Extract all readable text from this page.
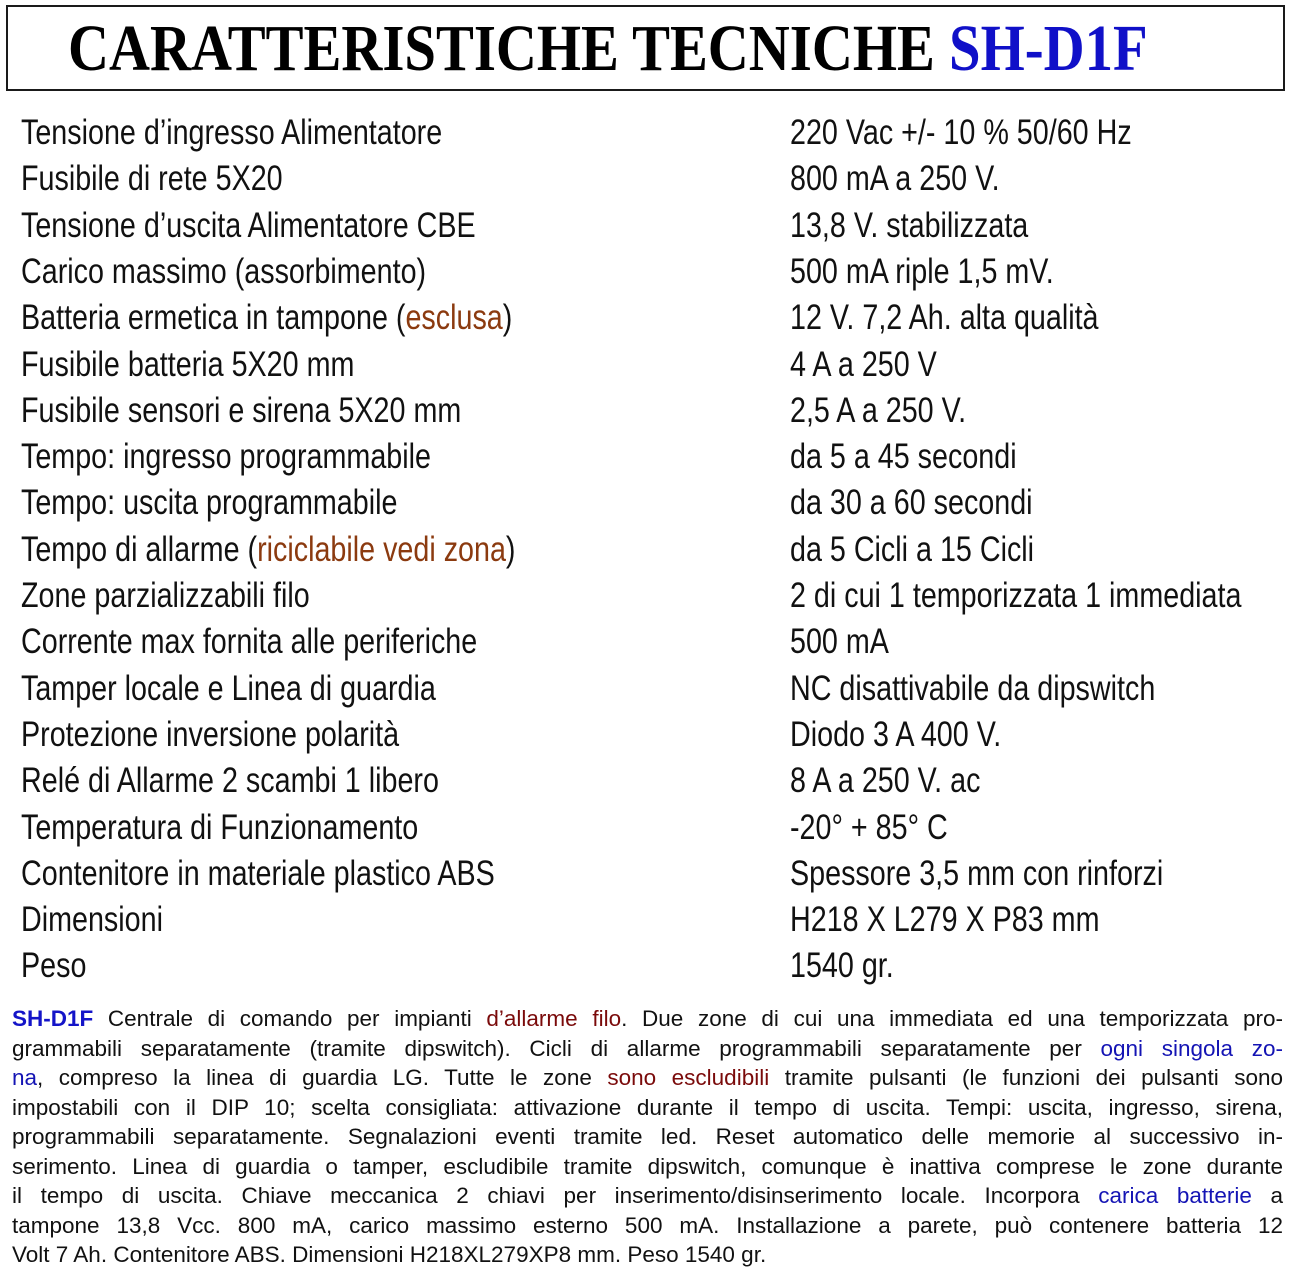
CARATTERISTICHE TECNICHE SH-D1F
Tensione d’ingresso Alimentatore	220 Vac +/- 10 % 50/60 Hz
Fusibile di rete 5X20	800 mA a 250 V.
Tensione d’uscita Alimentatore CBE	13,8 V. stabilizzata
Carico massimo (assorbimento)	500 mA riple 1,5 mV.
Batteria ermetica in tampone (esclusa)	12 V. 7,2 Ah. alta qualità
Fusibile batteria 5X20 mm	4 A a 250 V
Fusibile sensori e sirena 5X20 mm	2,5 A a 250 V.
Tempo: ingresso programmabile	da 5 a 45 secondi
Tempo: uscita programmabile	da 30 a 60 secondi
Tempo di allarme (riciclabile vedi zona)	da 5 Cicli a 15 Cicli
Zone parzializzabili filo	2 di cui 1 temporizzata 1 immediata
Corrente max fornita alle periferiche	500 mA
Tamper locale e Linea di guardia	NC disattivabile da dipswitch
Protezione inversione polarità	Diodo 3 A 400 V.
Relé di Allarme 2 scambi 1 libero	8 A a 250 V. ac
Temperatura di Funzionamento	-20° + 85° C
Contenitore in materiale plastico ABS	Spessore 3,5 mm con rinforzi
Dimensioni	H218 X L279 X P83 mm
Peso	1540 gr.
SH-D1F Centrale di comando per impianti d’allarme filo. Due zone di cui una immediata ed una temporizzata pro-
grammabili separatamente (tramite dipswitch). Cicli di allarme programmabili separatamente per ogni singola zo-
na, compreso la linea di guardia LG. Tutte le zone sono escludibili tramite pulsanti (le funzioni dei pulsanti sono
impostabili con il DIP 10; scelta consigliata: attivazione durante il tempo di uscita. Tempi: uscita, ingresso, sirena,
programmabili separatamente. Segnalazioni eventi tramite led. Reset automatico delle memorie al successivo in-
serimento. Linea di guardia o tamper, escludibile tramite dipswitch, comunque è inattiva comprese le zone durante
il tempo di uscita. Chiave meccanica 2 chiavi per inserimento/disinserimento locale. Incorpora carica batterie a
tampone 13,8 Vcc. 800 mA, carico massimo esterno 500 mA. Installazione a parete, può contenere batteria 12
Volt 7 Ah. Contenitore ABS. Dimensioni H218XL279XP8 mm. Peso 1540 gr.
